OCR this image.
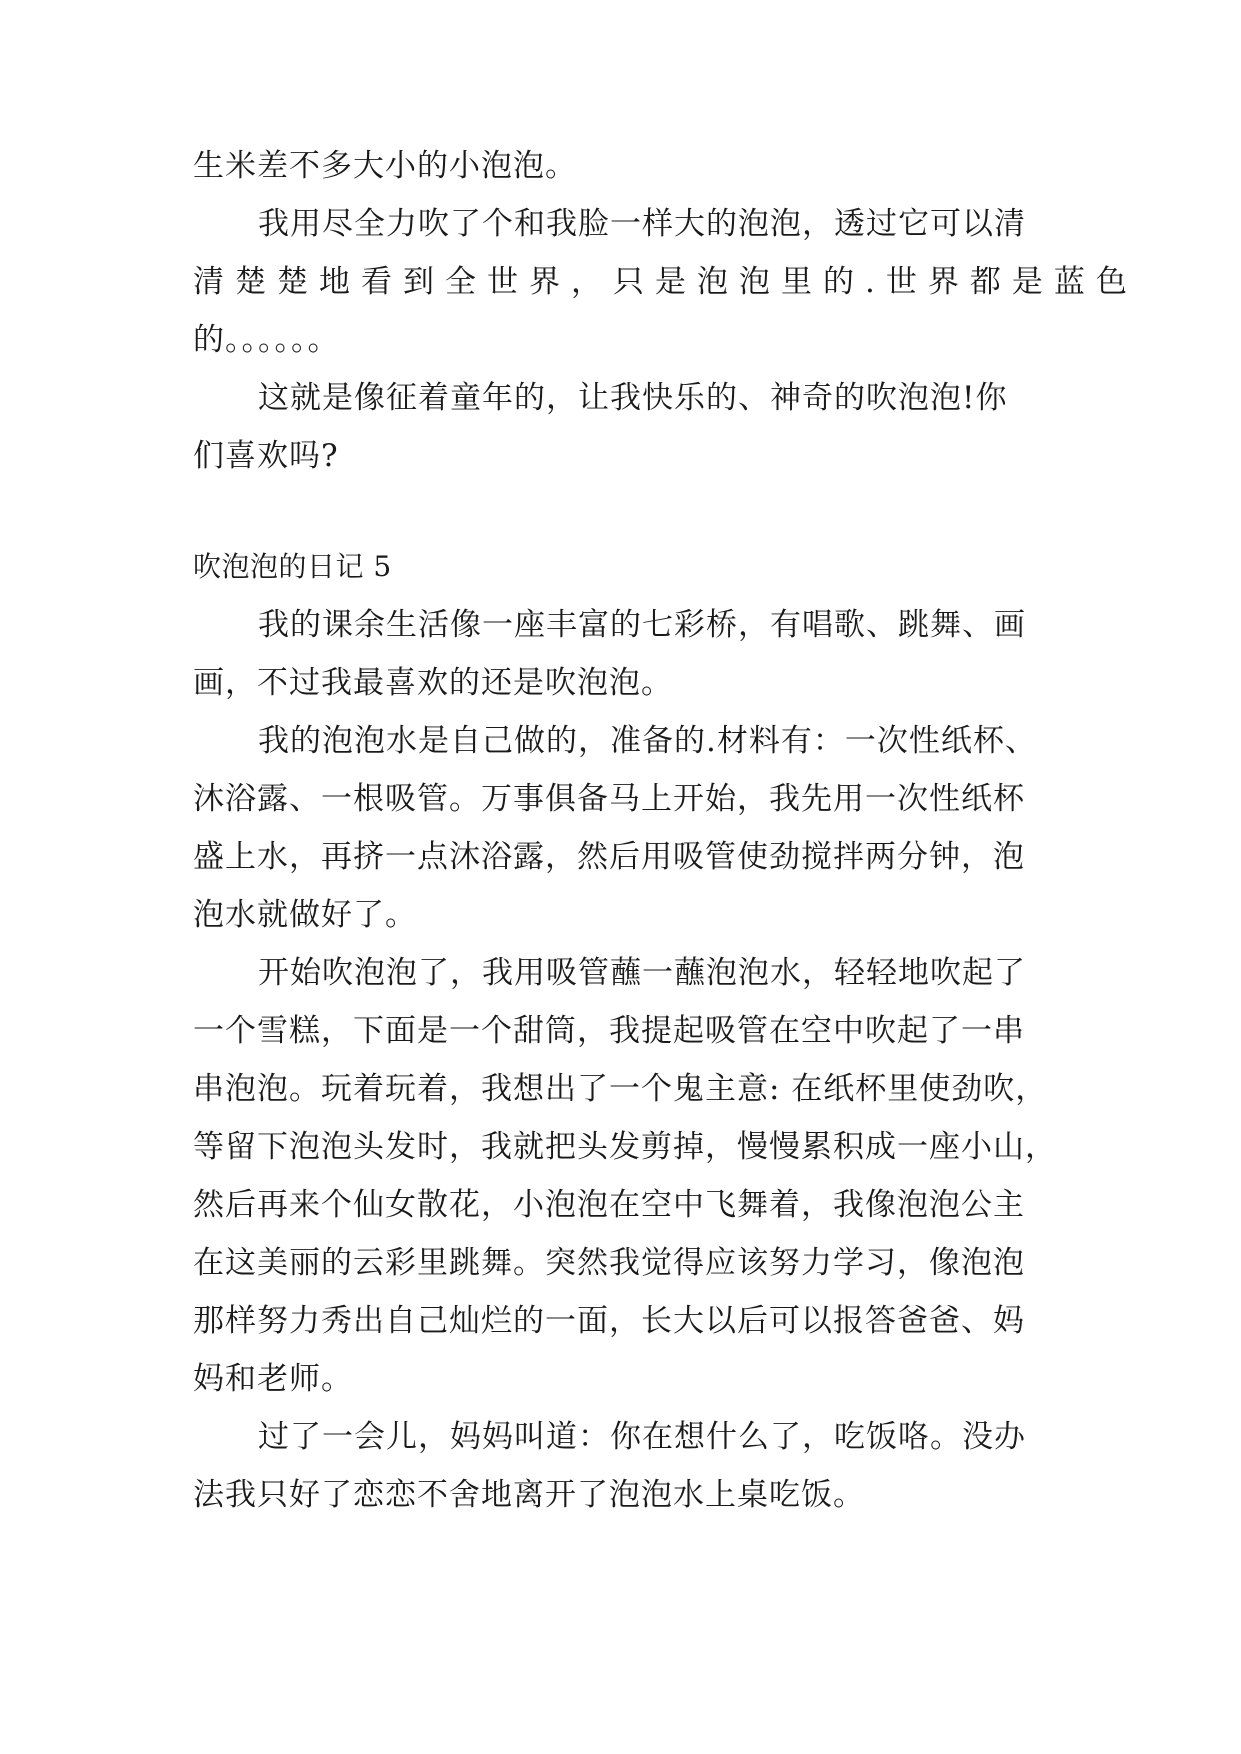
生米差不多大小的小泡泡。
我用尽全力吹了个和我脸一样大的泡泡，透过它可以清
清楚楚地看到全世界，只是泡泡里的.世界都是蓝色
的。。。。。。
这就是像征着童年的，让我快乐的、神奇的吹泡泡!你
们喜欢吗?
吹泡泡的日记 5
我的课余生活像一座丰富的七彩桥，有唱歌、跳舞、画
画，不过我最喜欢的还是吹泡泡。
我的泡泡水是自己做的，准备的.材料有：一次性纸杯、
沐浴露、一根吸管。万事俱备马上开始，我先用一次性纸杯
盛上水，再挤一点沐浴露，然后用吸管使劲搅拌两分钟，泡
泡水就做好了。
开始吹泡泡了，我用吸管蘸一蘸泡泡水，轻轻地吹起了
一个雪糕，下面是一个甜筒，我提起吸管在空中吹起了一串
串泡泡。玩着玩着，我想出了一个鬼主意: 在纸杯里使劲吹，
等留下泡泡头发时，我就把头发剪掉，慢慢累积成一座小山，
然后再来个仙女散花，小泡泡在空中飞舞着，我像泡泡公主
在这美丽的云彩里跳舞。突然我觉得应该努力学习，像泡泡
那样努力秀出自己灿烂的一面，长大以后可以报答爸爸、妈
妈和老师。
过了一会儿，妈妈叫道：你在想什么了，吃饭咯。没办
法我只好了恋恋不舍地离开了泡泡水上桌吃饭。
